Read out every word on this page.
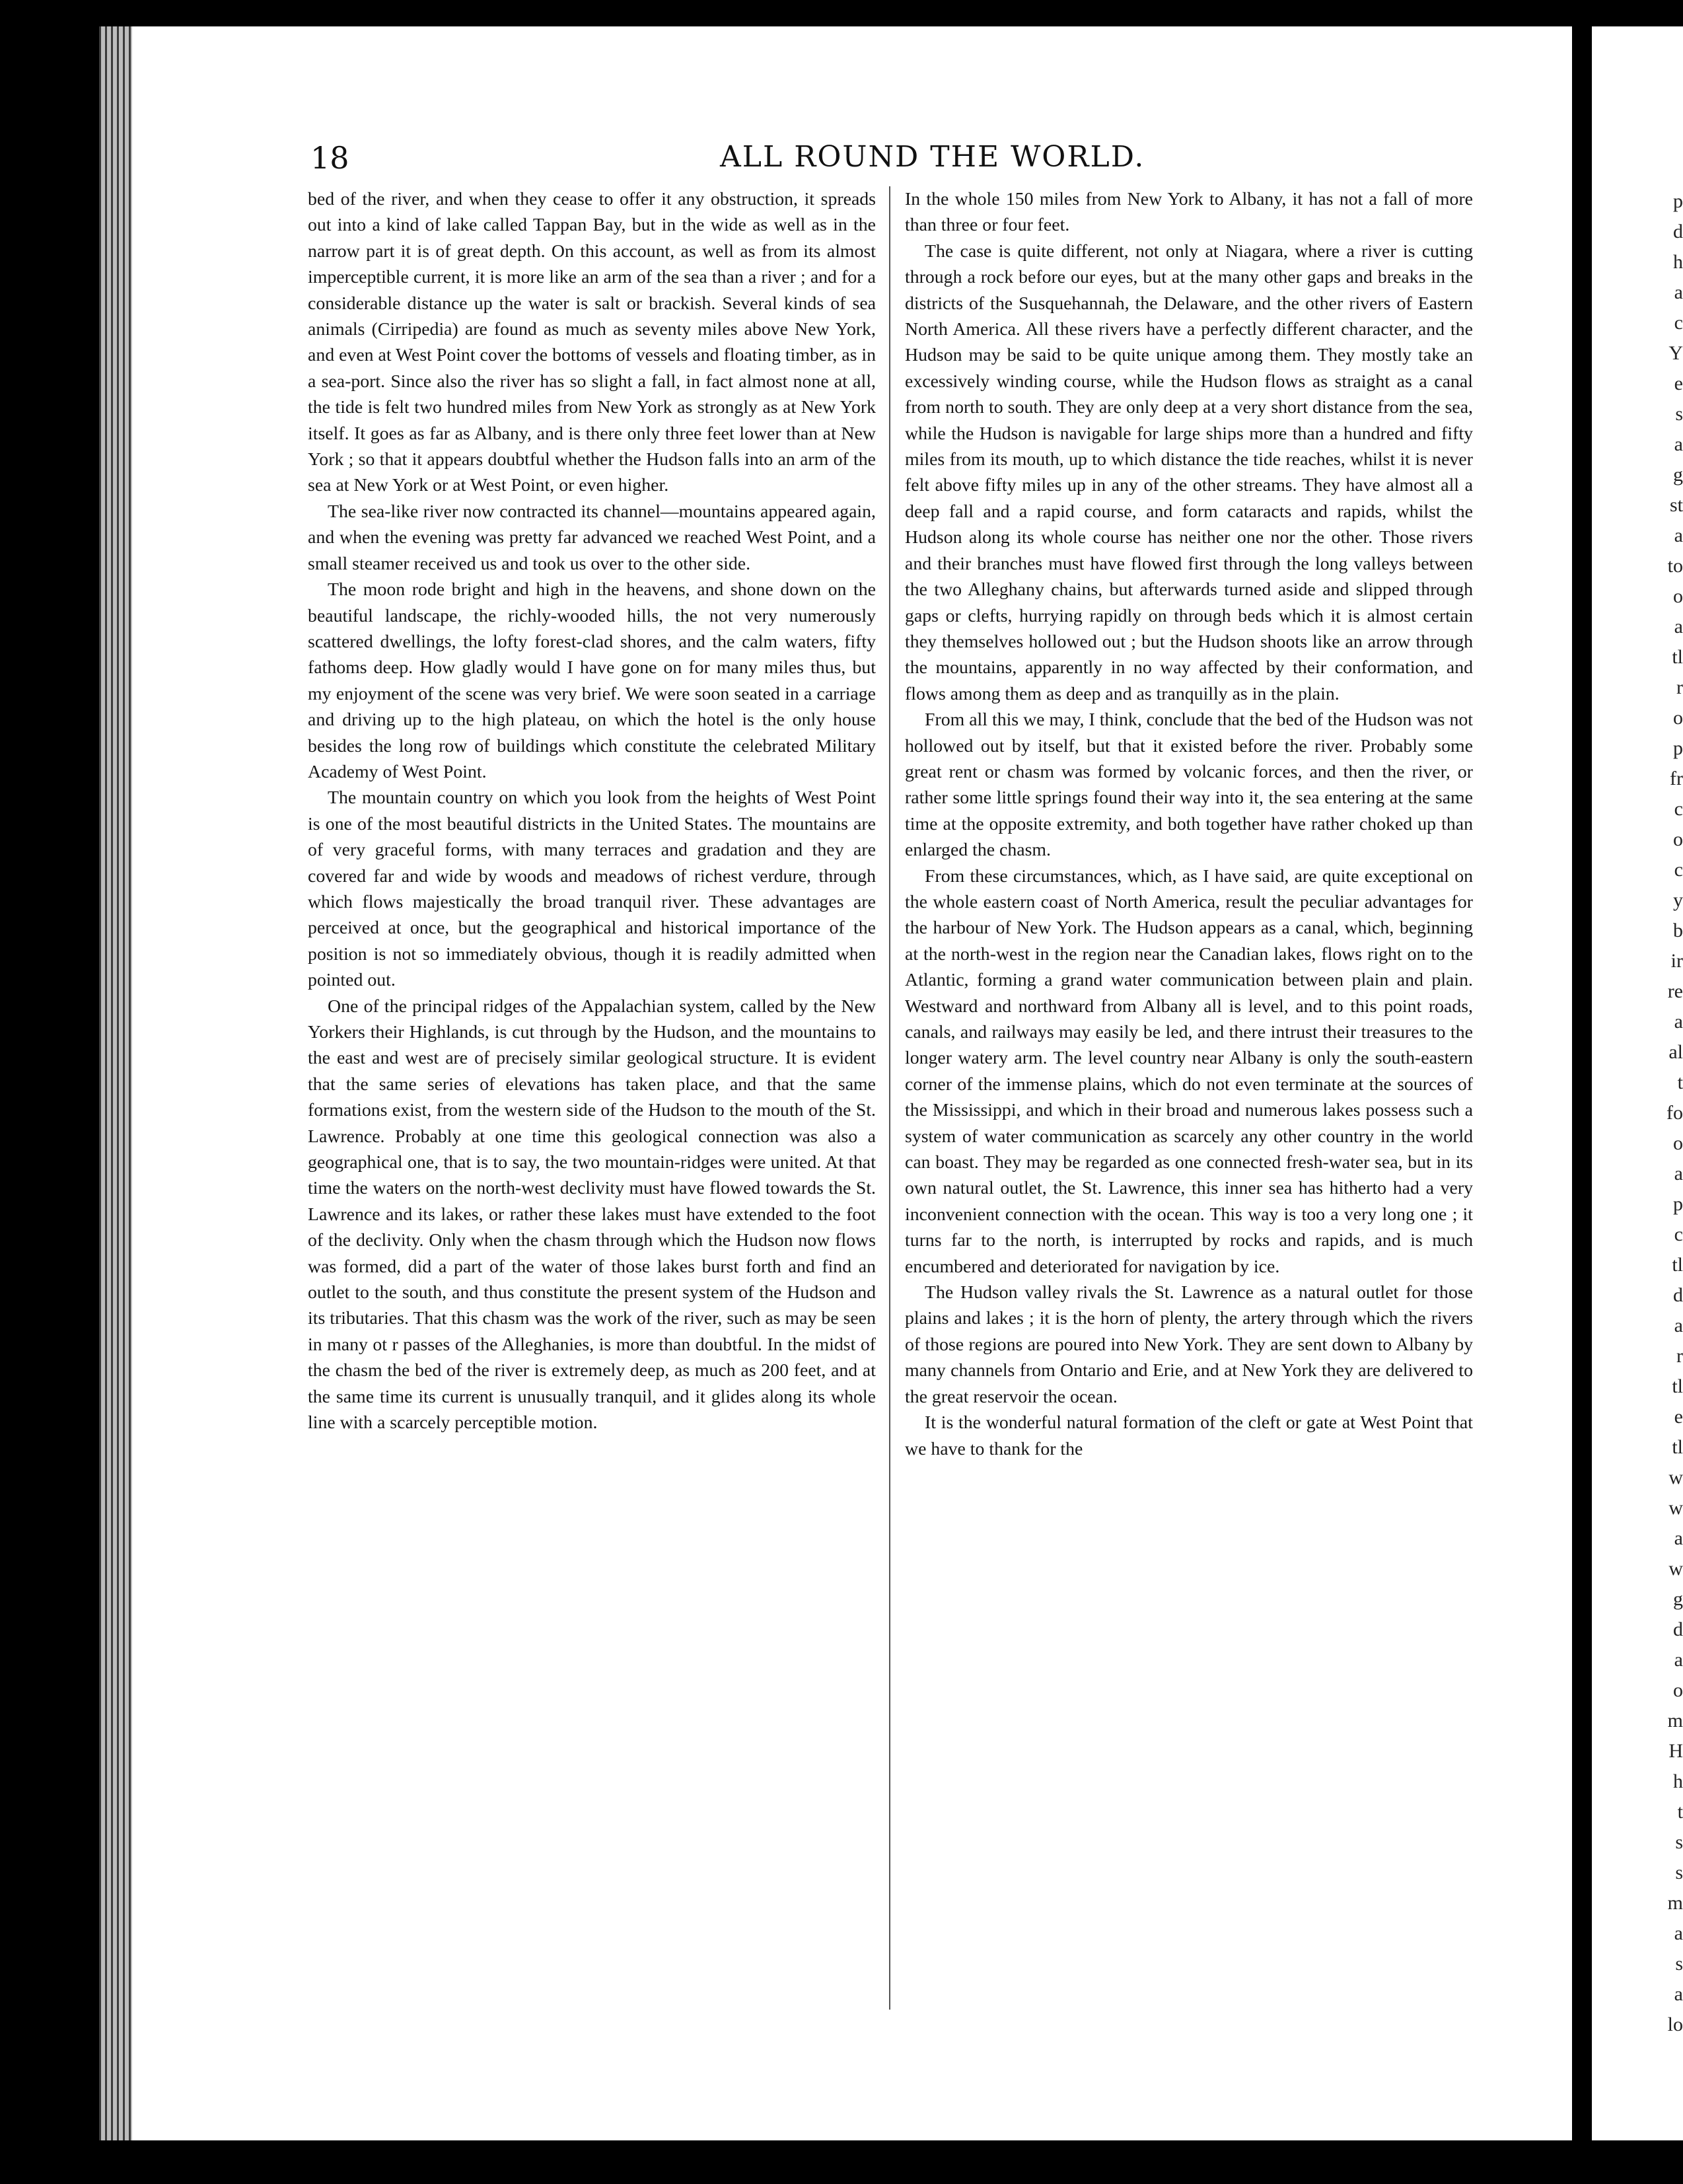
18	ALL ROUND THE WORLD.

bed of the river, and when they cease to offer it any obstruction, it spreads out into a kind of lake called Tappan Bay, but in the wide as well as in the narrow part it is of great depth. On this account, as well as from its almost imperceptible current, it is more like an arm of the sea than a river ; and for a considerable distance up the water is salt or brackish. Several kinds of sea animals (Cirripedia) are found as much as seventy miles above New York, and even at West Point cover the bottoms of vessels and floating timber, as in a sea-port. Since also the river has so slight a fall, in fact almost none at all, the tide is felt two hundred miles from New York as strongly as at New York itself. It goes as far as Albany, and is there only three feet lower than at New York ; so that it appears doubtful whether the Hudson falls into an arm of the sea at New York or at West Point, or even higher.

The sea-like river now contracted its channel—mountains appeared again, and when the evening was pretty far advanced we reached West Point, and a small steamer received us and took us over to the other side.

The moon rode bright and high in the heavens, and shone down on the beautiful landscape, the richly-wooded hills, the not very numerously scattered dwellings, the lofty forest-clad shores, and the calm waters, fifty fathoms deep. How gladly would I have gone on for many miles thus, but my enjoyment of the scene was very brief. We were soon seated in a carriage and driving up to the high plateau, on which the hotel is the only house besides the long row of buildings which constitute the celebrated Military Academy of West Point.

The mountain country on which you look from the heights of West Point is one of the most beautiful districts in the United States. The mountains are of very graceful forms, with many terraces and gradation and they are covered far and wide by woods and meadows of richest verdure, through which flows majestically the broad tranquil river. These advantages are perceived at once, but the geographical and historical importance of the position is not so immediately obvious, though it is readily admitted when pointed out.

One of the principal ridges of the Appalachian system, called by the New Yorkers their Highlands, is cut through by the Hudson, and the mountains to the east and west are of precisely similar geological structure. It is evident that the same series of elevations has taken place, and that the same formations exist, from the western side of the Hudson to the mouth of the St. Lawrence. Probably at one time this geological connection was also a geographical one, that is to say, the two mountain-ridges were united. At that time the waters on the north-west declivity must have flowed towards the St. Lawrence and its lakes, or rather these lakes must have extended to the foot of the declivity. Only when the chasm through which the Hudson now flows was formed, did a part of the water of those lakes burst forth and find an outlet to the south, and thus constitute the present system of the Hudson and its tributaries. That this chasm was the work of the river, such as may be seen in many ot r passes of the Alleghanies, is more than doubtful. In the midst of the chasm the bed of the river is extremely deep, as much as 200 feet, and at the same time its current is unusually tranquil, and it glides along its whole line with a scarcely perceptible motion.

In the whole 150 miles from New York to Albany, it has not a fall of more than three or four feet.

The case is quite different, not only at Niagara, where a river is cutting through a rock before our eyes, but at the many other gaps and breaks in the districts of the Susquehannah, the Delaware, and the other rivers of Eastern North America. All these rivers have a perfectly different character, and the Hudson may be said to be quite unique among them. They mostly take an excessively winding course, while the Hudson flows as straight as a canal from north to south. They are only deep at a very short distance from the sea, while the Hudson is navigable for large ships more than a hundred and fifty miles from its mouth, up to which distance the tide reaches, whilst it is never felt above fifty miles up in any of the other streams. They have almost all a deep fall and a rapid course, and form cataracts and rapids, whilst the Hudson along its whole course has neither one nor the other. Those rivers and their branches must have flowed first through the long valleys between the two Alleghany chains, but afterwards turned aside and slipped through gaps or clefts, hurrying rapidly on through beds which it is almost certain they themselves hollowed out ; but the Hudson shoots like an arrow through the mountains, apparently in no way affected by their conformation, and flows among them as deep and as tranquilly as in the plain.

From all this we may, I think, conclude that the bed of the Hudson was not hollowed out by itself, but that it existed before the river. Probably some great rent or chasm was formed by volcanic forces, and then the river, or rather some little springs found their way into it, the sea entering at the same time at the opposite extremity, and both together have rather choked up than enlarged the chasm.

From these circumstances, which, as I have said, are quite exceptional on the whole eastern coast of North America, result the peculiar advantages for the harbour of New York. The Hudson appears as a canal, which, beginning at the north-west in the region near the Canadian lakes, flows right on to the Atlantic, forming a grand water communication between plain and plain. Westward and northward from Albany all is level, and to this point roads, canals, and railways may easily be led, and there intrust their treasures to the longer watery arm. The level country near Albany is only the south-eastern corner of the immense plains, which do not even terminate at the sources of the Mississippi, and which in their broad and numerous lakes possess such a system of water communication as scarcely any other country in the world can boast. They may be regarded as one connected fresh-water sea, but in its own natural outlet, the St. Lawrence, this inner sea has hitherto had a very inconvenient connection with the ocean. This way is too a very long one ; it turns far to the north, is interrupted by rocks and rapids, and is much encumbered and deteriorated for navigation by ice.

The Hudson valley rivals the St. Lawrence as a natural outlet for those plains and lakes ; it is the horn of plenty, the artery through which the rivers of those regions are poured into New York. They are sent down to Albany by many channels from Ontario and Erie, and at New York they are delivered to the great reservoir the ocean.

It is the wonderful natural formation of the cleft or gate at West Point that we have to thank for the

p
d
h
a
c
Y
e
s
a
g
st
a
to
o
a
tl
r
o
p
fr
c
o
c
y
b
ir
re
a
al
t
fo
o
a
p
c
tl
d
a
r
tl
e
tl
w
w
a
w
g
d
a
o
m
H
h
t
s
s
m
a
s
a
lo
